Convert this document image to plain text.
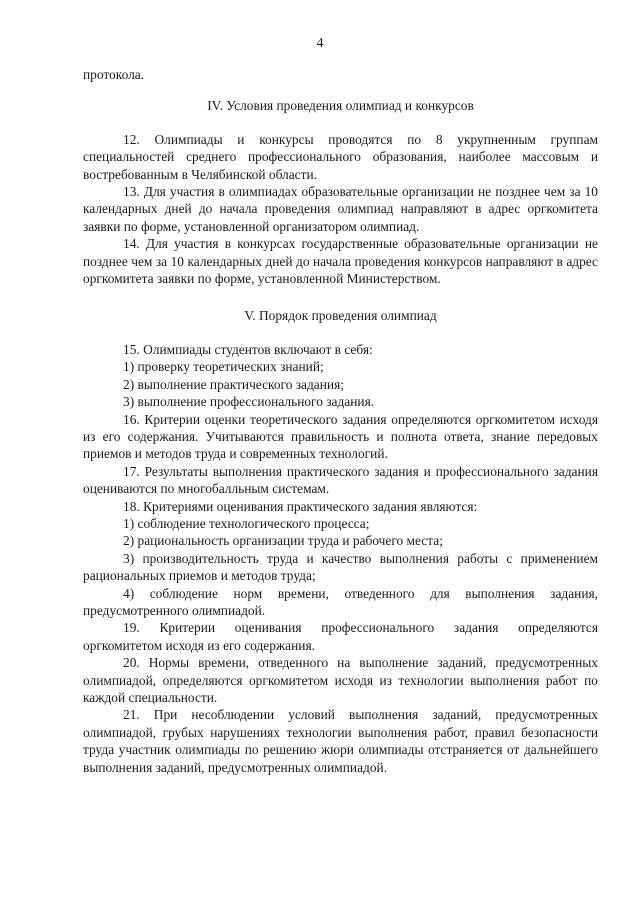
4

протокола.

IV. Условия проведения олимпиад и конкурсов

12. Олимпиады и конкурсы проводятся по 8 укрупненным группам специальностей среднего профессионального образования, наиболее массовым и востребованным в Челябинской области.

13. Для участия в олимпиадах образовательные организации не позднее чем за 10 календарных дней до начала проведения олимпиад направляют в адрес оргкомитета заявки по форме, установленной организатором олимпиад.

14. Для участия в конкурсах государственные образовательные организации не позднее чем за 10 календарных дней до начала проведения конкурсов направляют в адрес оргкомитета заявки по форме, установленной Министерством.

V. Порядок проведения олимпиад

15. Олимпиады студентов включают в себя:

1) проверку теоретических знаний;

2) выполнение практического задания;

3) выполнение профессионального задания.

16. Критерии оценки теоретического задания определяются оргкомитетом исходя из его содержания. Учитываются правильность и полнота ответа, знание передовых приемов и методов труда и современных технологий.

17. Результаты выполнения практического задания и профессионального задания оцениваются по многобалльным системам.

18. Критериями оценивания практического задания являются:

1) соблюдение технологического процесса;

2) рациональность организации труда и рабочего места;

3) производительность труда и качество выполнения работы с применением рациональных приемов и методов труда;

4) соблюдение норм времени, отведенного для выполнения задания, предусмотренного олимпиадой.

19. Критерии оценивания профессионального задания определяются оргкомитетом исходя из его содержания.

20. Нормы времени, отведенного на выполнение заданий, предусмотренных олимпиадой, определяются оргкомитетом исходя из технологии выполнения работ по каждой специальности.

21. При несоблюдении условий выполнения заданий, предусмотренных олимпиадой, грубых нарушениях технологии выполнения работ, правил безопасности труда участник олимпиады по решению жюри олимпиады отстраняется от дальнейшего выполнения заданий, предусмотренных олимпиадой.
